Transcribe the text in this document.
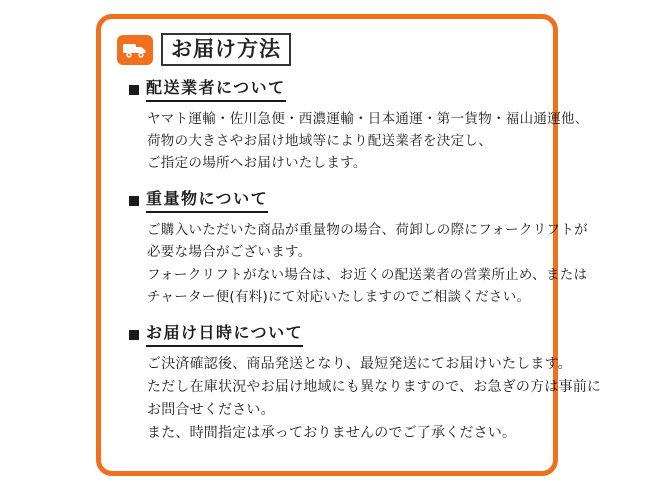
お届け方法
配送業者について
ヤマト運輸・佐川急便・西濃運輸・日本通運・第一貨物・福山通運他、
荷物の大きさやお届け地域等により配送業者を決定し、
ご指定の場所へお届けいたします。
重量物について
ご購入いただいた商品が重量物の場合、荷卸しの際にフォークリフトが
必要な場合がございます。
フォークリフトがない場合は、お近くの配送業者の営業所止め、または
チャーター便(有料)にて対応いたしますのでご相談ください。
お届け日時について
ご決済確認後、商品発送となり、最短発送にてお届けいたします。
ただし在庫状況やお届け地域にも異なりますので、お急ぎの方は事前に
お問合せください。
また、時間指定は承っておりませんのでご了承ください。
